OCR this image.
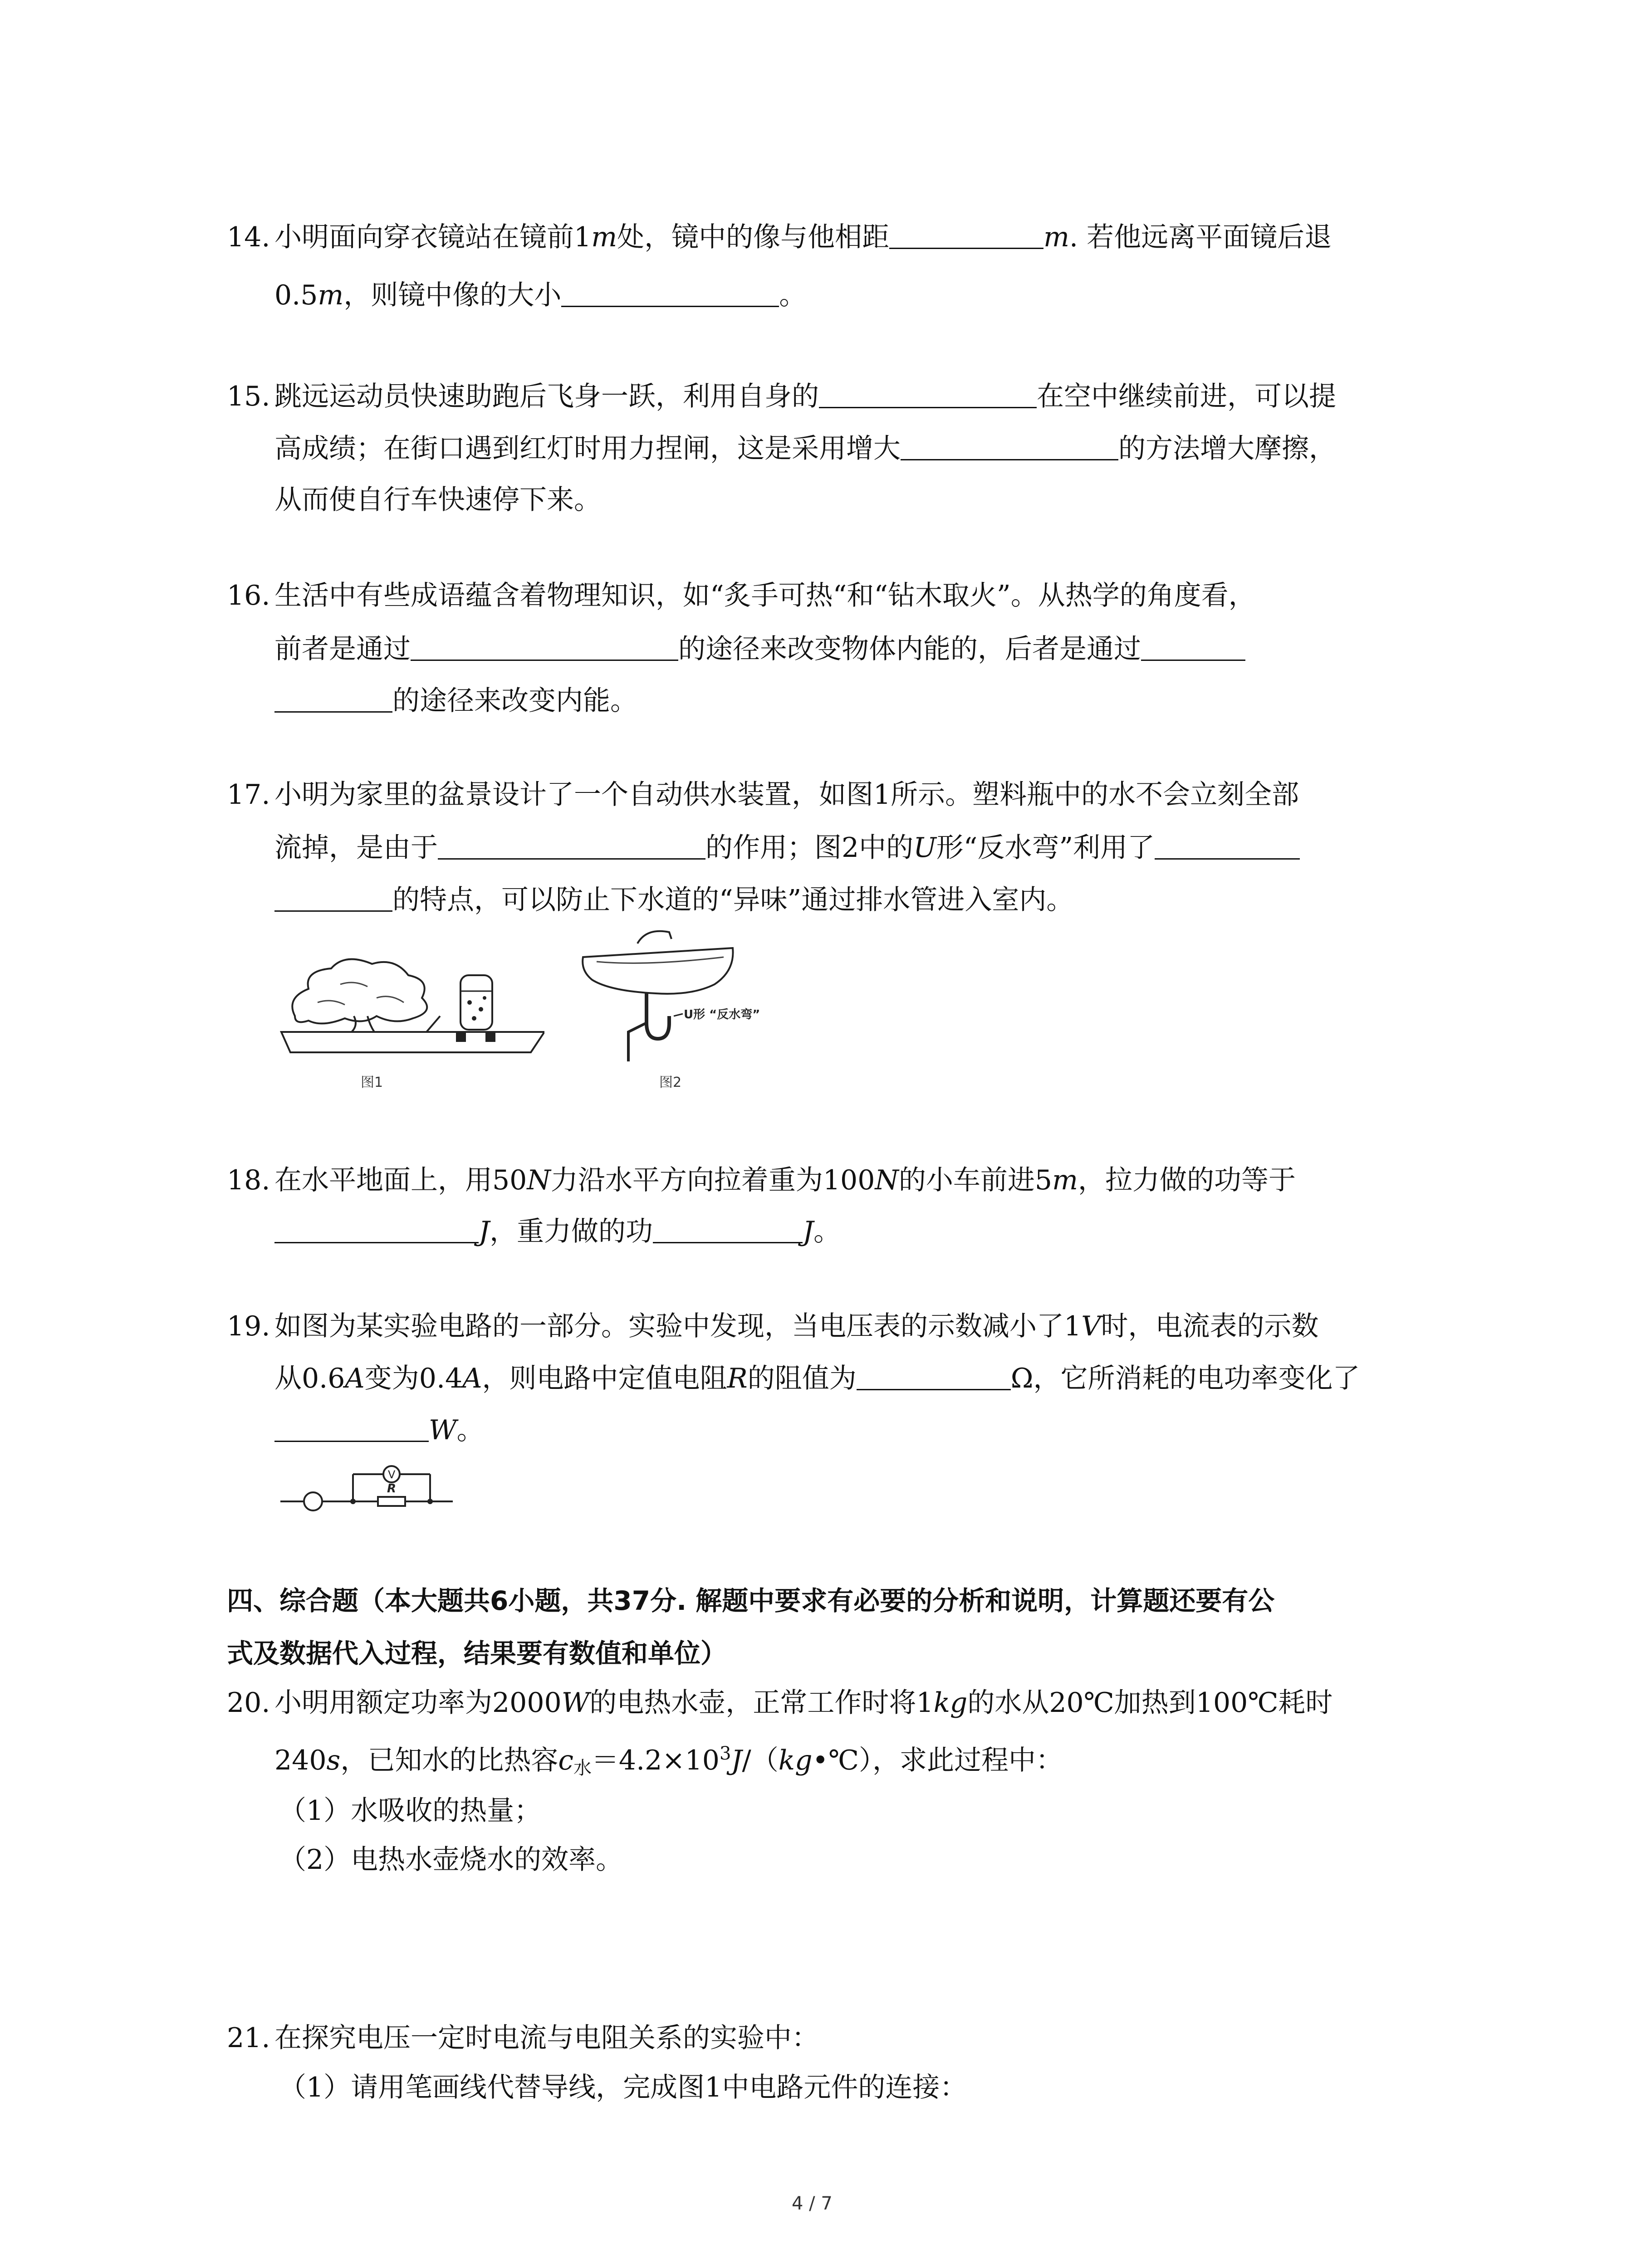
14. 小明面向穿衣镜站在镜前1m处，镜中的像与他相距	m. 若他远离平面镜后退
0.5m，则镜中像的大小	。
15. 跳远运动员快速助跑后飞身一跃，利用自身的	在空中继续前进，可以提
高成绩；在街口遇到红灯时用力捏闸，这是采用增大	的方法增大摩擦，
从而使自行车快速停下来。
16. 生活中有些成语蕴含着物理知识，如“炙手可热“和“钻木取火”。从热学的角度看，
前者是通过	的途径来改变物体内能的，后者是通过
的途径来改变内能。
17. 小明为家里的盆景设计了一个自动供水装置，如图1所示。塑料瓶中的水不会立刻全部
流掉，是由于	的作用；图2中的U形“反水弯”利用了
的特点，可以防止下水道的“异味”通过排水管进入室内。
图1
U形 “反水弯”
图2
18. 在水平地面上，用50N力沿水平方向拉着重为100N的小车前进5m，拉力做的功等于
J，重力做的功	J。
19. 如图为某实验电路的一部分。实验中发现，当电压表的示数减小了1V时，电流表的示数
从0.6A变为0.4A，则电路中定值电阻R的阻值为	Ω，它所消耗的电功率变化了
W。
V
R
四、综合题（本大题共6小题，共37分. 解题中要求有必要的分析和说明，计算题还要有公
式及数据代入过程，结果要有数值和单位）
20. 小明用额定功率为2000W的电热水壶，正常工作时将1kg的水从20℃加热到100℃耗时
240s，已知水的比热容$c_水=4.2\times 10^3J/(kg•℃)$，求此过程中：
（1）水吸收的热量；
（2）电热水壶烧水的效率。
21. 在探究电压一定时电流与电阻关系的实验中：
（1）请用笔画线代替导线，完成图1中电路元件的连接：
4 / 7
